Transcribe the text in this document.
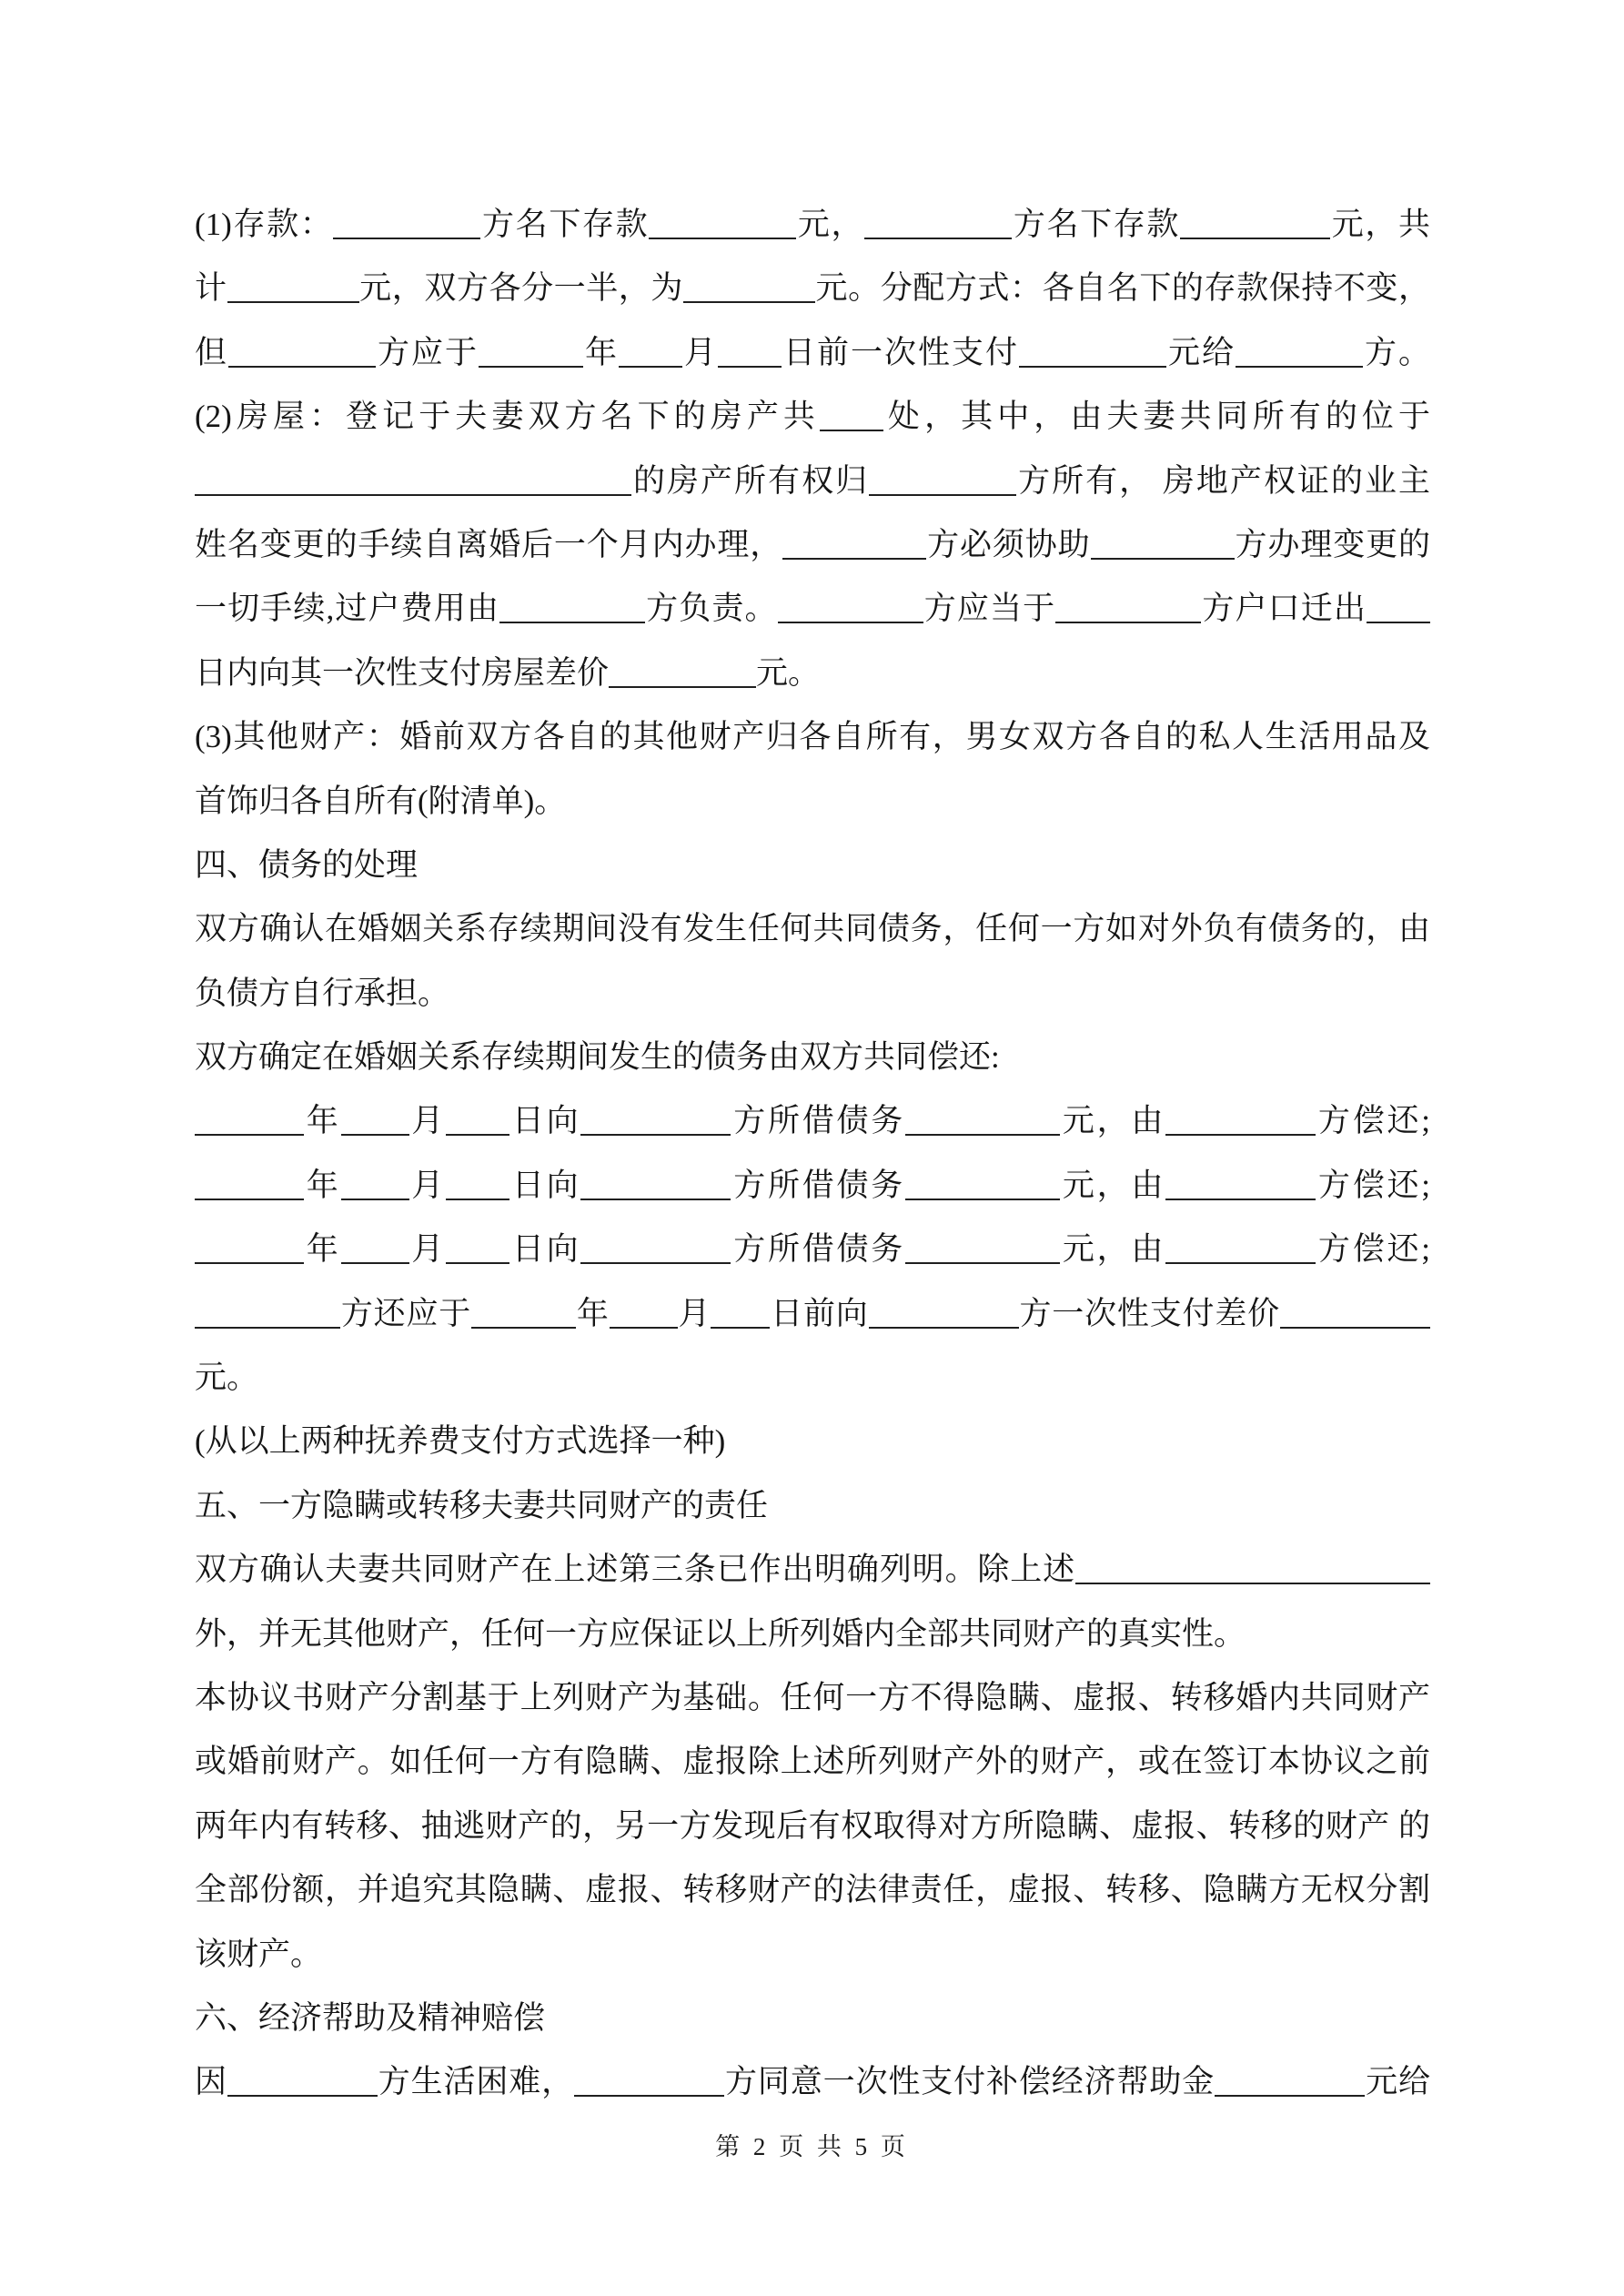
(1)存款：	方名下存款	元，	方名下存款	元，共
计	元，双方各分一半，为	元。分配方式：各自名下的存款保持不变，
但	方应于	年 月 日前一次性支付	元给	方。
(2)房屋：登记于夫妻双方名下的房产共 处，其中，由夫妻共同所有的位于
的房产所有权归	方所有， 房地产权证的业主
姓名变更的手续自离婚后一个月内办理，	方必须协助	方办理变更的
一切手续,过户费用由	方负责。	方应当于	方户口迁出
日内向其一次性支付房屋差价	元。
(3)其他财产：婚前双方各自的其他财产归各自所有，男女双方各自的私人生活用品及
首饰归各自所有(附清单)。
四、债务的处理
双方确认在婚姻关系存续期间没有发生任何共同债务，任何一方如对外负有债务的，由
负债方自行承担。
双方确定在婚姻关系存续期间发生的债务由双方共同偿还:
年 月 日向	方所借债务	元，由	方偿还;
年 月 日向	方所借债务	元，由	方偿还;
年 月 日向	方所借债务	元，由	方偿还;
方还应于	年 月 日前向	方一次性支付差价
元。
(从以上两种抚养费支付方式选择一种)
五、一方隐瞒或转移夫妻共同财产的责任
双方确认夫妻共同财产在上述第三条已作出明确列明。除上述
外，并无其他财产，任何一方应保证以上所列婚内全部共同财产的真实性。
本协议书财产分割基于上列财产为基础。任何一方不得隐瞒、虚报、转移婚内共同财产
或婚前财产。如任何一方有隐瞒、虚报除上述所列财产外的财产，或在签订本协议之前
两年内有转移、抽逃财产的，另一方发现后有权取得对方所隐瞒、虚报、转移的财产 的
全部份额，并追究其隐瞒、虚报、转移财产的法律责任，虚报、转移、隐瞒方无权分割
该财产。
六、经济帮助及精神赔偿
因	方生活困难，	方同意一次性支付补偿经济帮助金	元给
第 2 页 共 5 页
